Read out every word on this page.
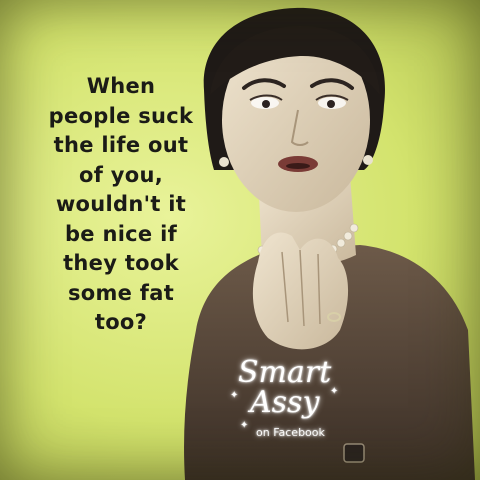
When
people suck
the life out
of you,
wouldn't it
be nice if
they took
some fat
too?

Smart
Assy
on Facebook
✦	✦
✦
